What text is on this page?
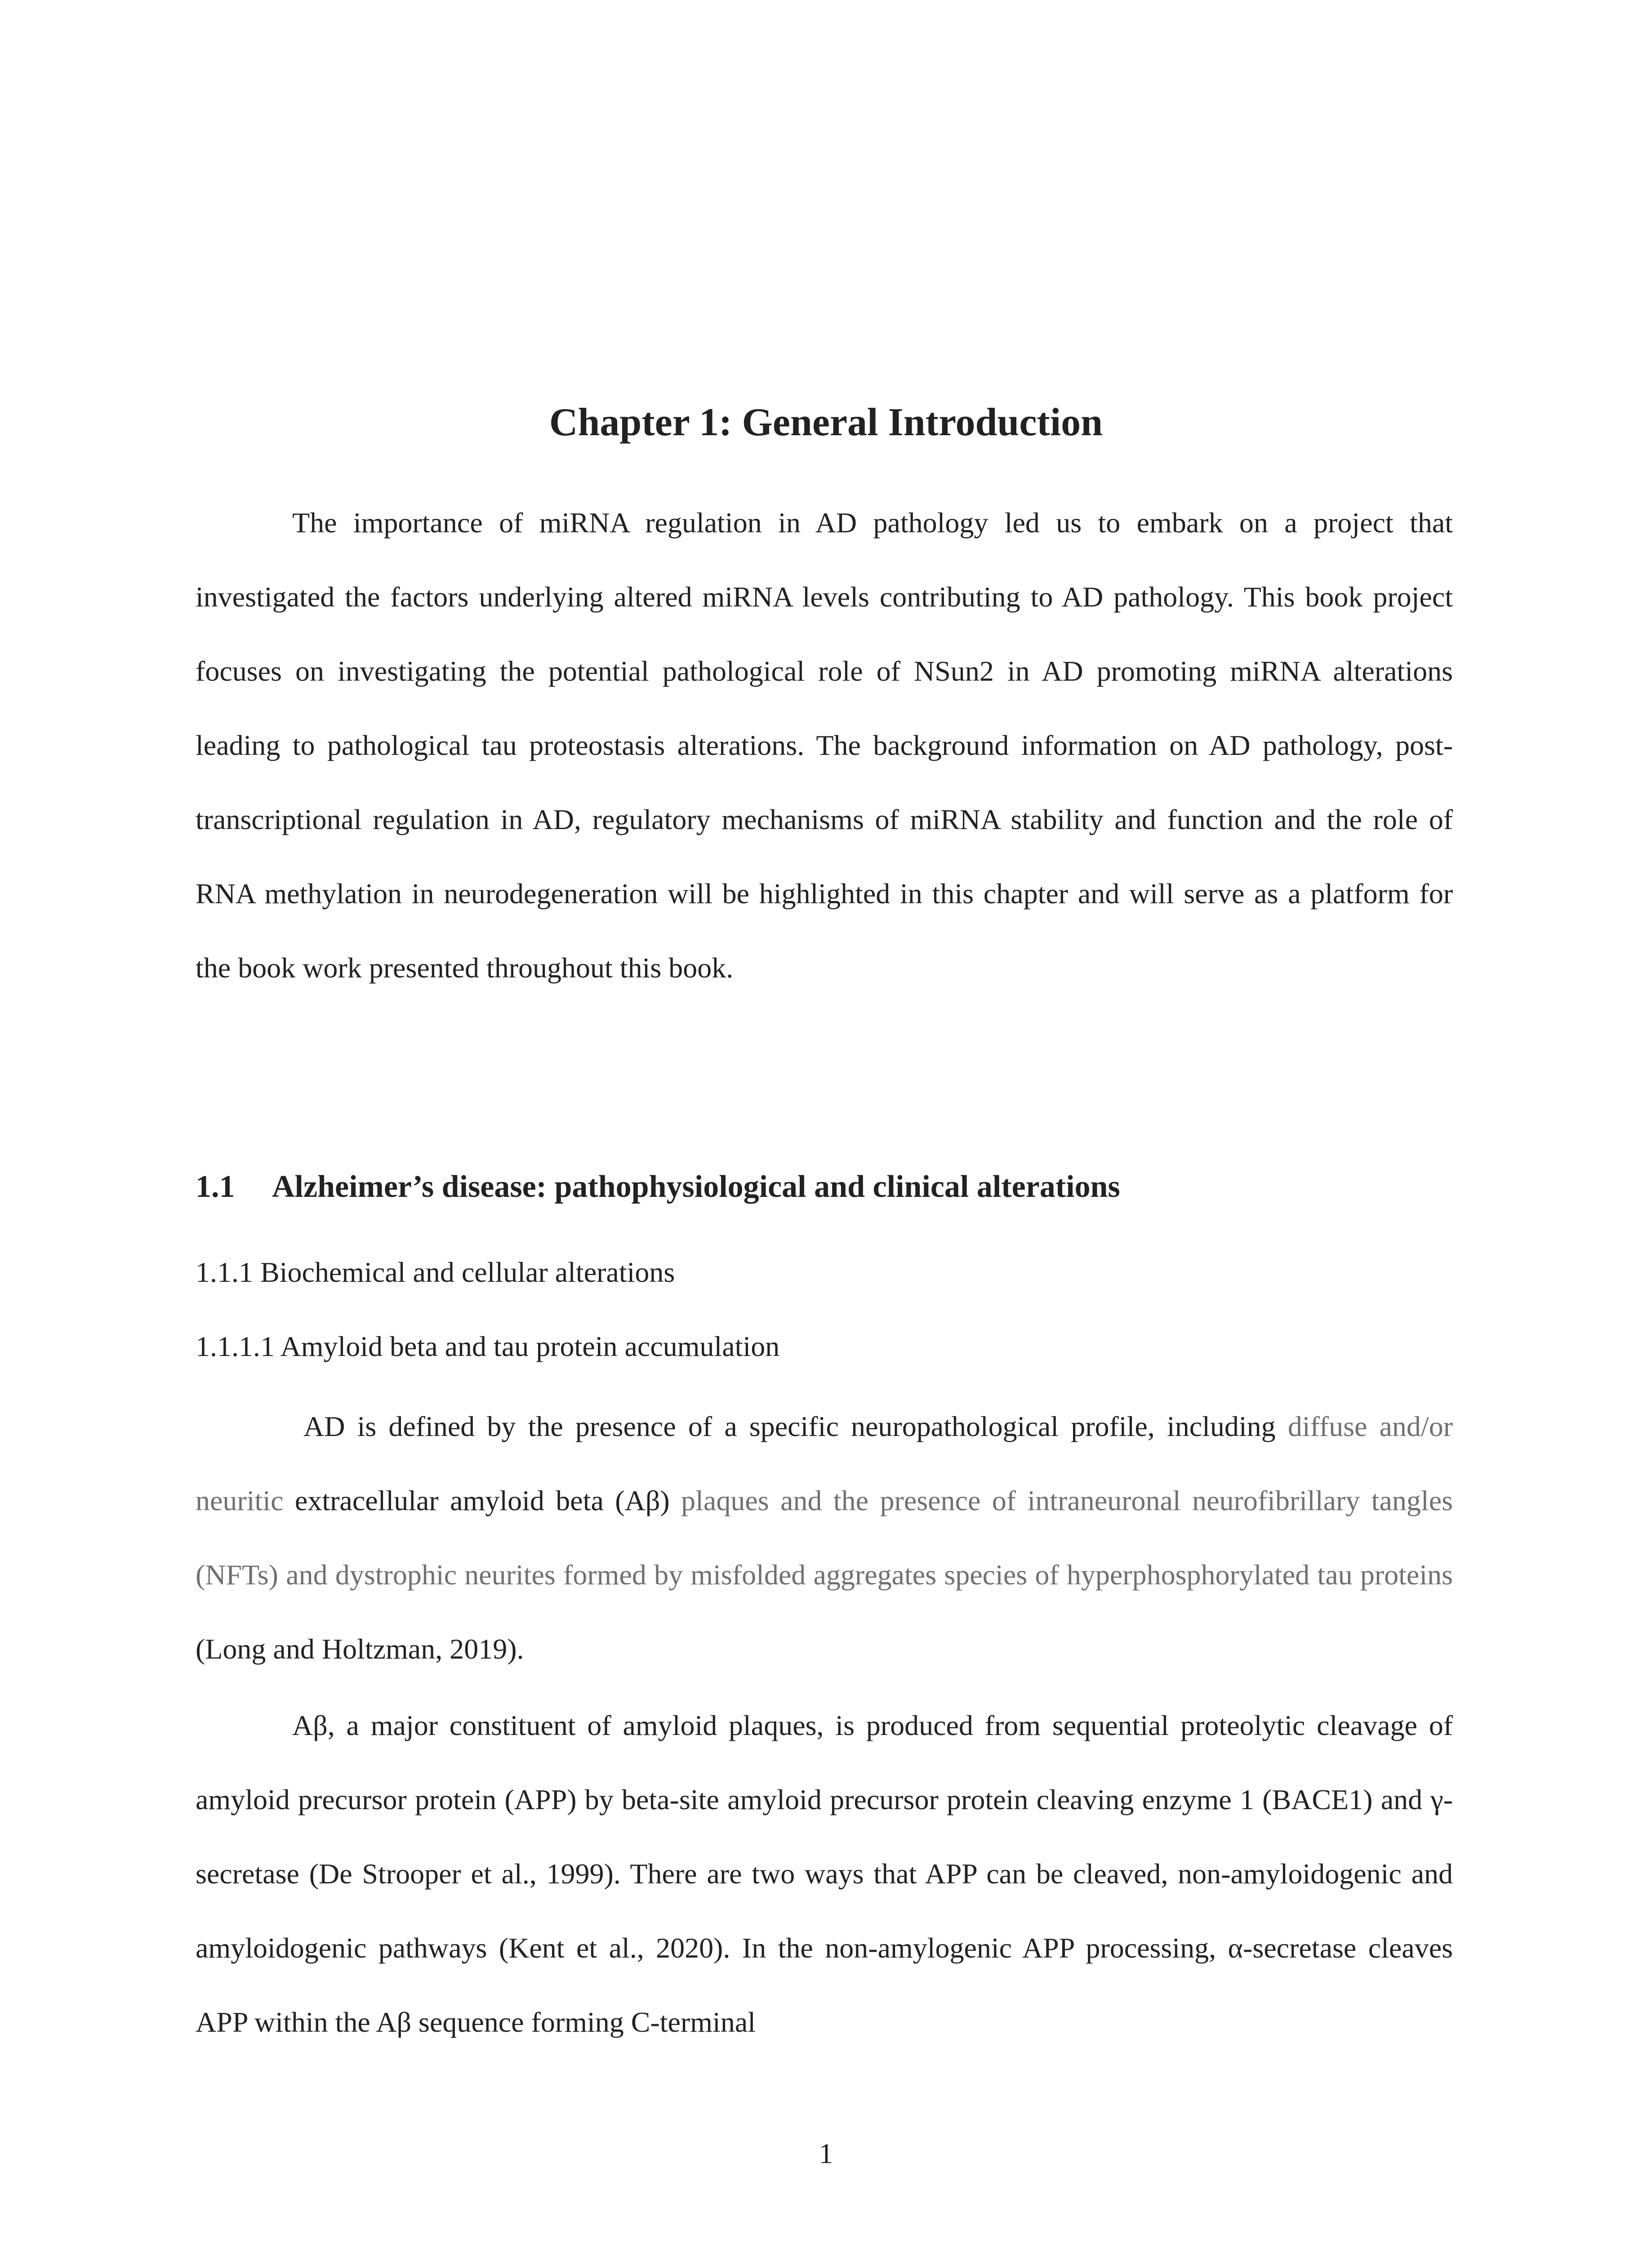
Chapter 1: General Introduction

The importance of miRNA regulation in AD pathology led us to embark on a project that investigated the factors underlying altered miRNA levels contributing to AD pathology. This book project focuses on investigating the potential pathological role of NSun2 in AD promoting miRNA alterations leading to pathological tau proteostasis alterations. The background information on AD pathology, post-transcriptional regulation in AD, regulatory mechanisms of miRNA stability and function and the role of RNA methylation in neurodegeneration will be highlighted in this chapter and will serve as a platform for the book work presented throughout this book.

1.1 Alzheimer’s disease: pathophysiological and clinical alterations
1.1.1 Biochemical and cellular alterations
1.1.1.1 Amyloid beta and tau protein accumulation

AD is defined by the presence of a specific neuropathological profile, including diffuse and/or neuritic extracellular amyloid beta (Aβ) plaques and the presence of intraneuronal neurofibrillary tangles (NFTs) and dystrophic neurites formed by misfolded aggregates species of hyperphosphorylated tau proteins (Long and Holtzman, 2019).

Aβ, a major constituent of amyloid plaques, is produced from sequential proteolytic cleavage of amyloid precursor protein (APP) by beta-site amyloid precursor protein cleaving enzyme 1 (BACE1) and γ-secretase (De Strooper et al., 1999). There are two ways that APP can be cleaved, non-amyloidogenic and amyloidogenic pathways (Kent et al., 2020). In the non-amylogenic APP processing, α-secretase cleaves APP within the Aβ sequence forming C-terminal

1
